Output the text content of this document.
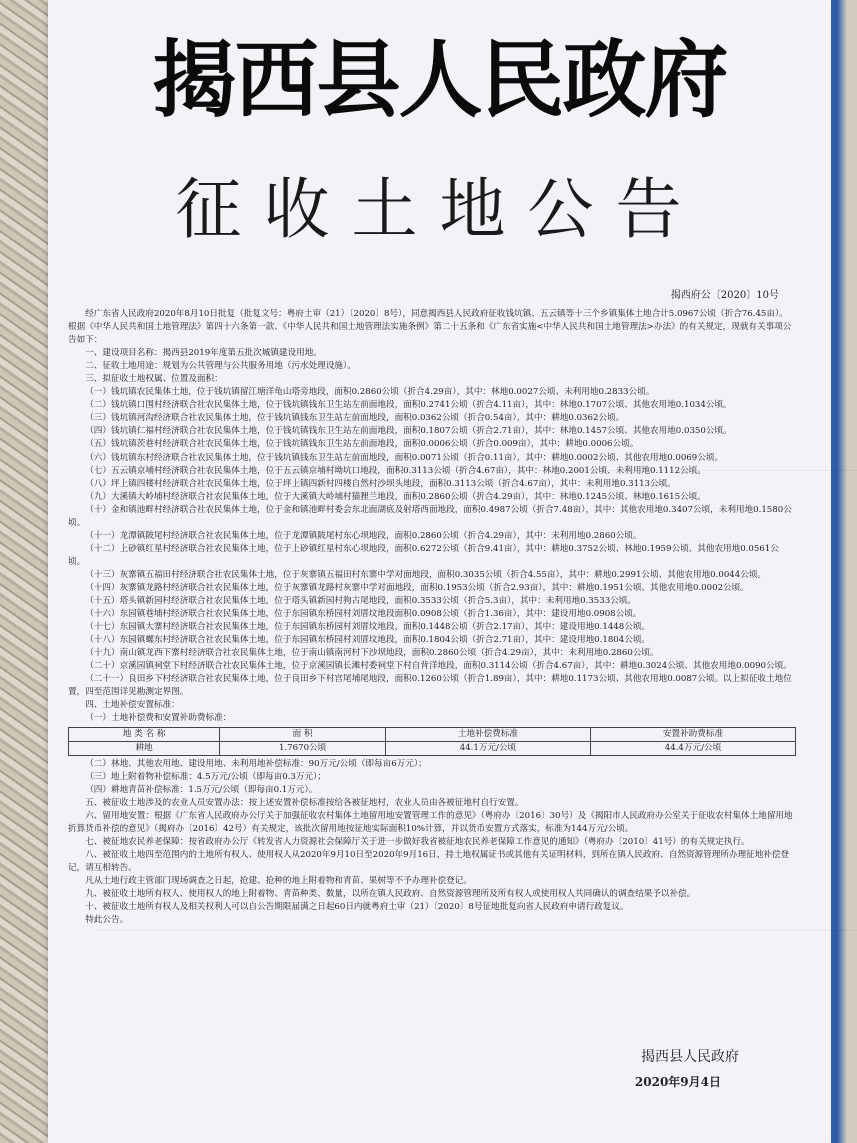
揭西县人民政府
征收土地公告
揭西府公〔2020〕10号

经广东省人民政府2020年8月10日批复（批复文号：粤府土审（21）〔2020〕8号），同意揭西县人民政府征收钱坑镇、五云镇等十三个乡镇集体土地合计5.0967公顷（折合76.45亩）。根据《中华人民共和国土地管理法》第四十六条第一款、《中华人民共和国土地管理法实施条例》第二十五条和《广东省实施<中华人民共和国土地管理法>办法》的有关规定，现就有关事项公告如下：

一、建设项目名称：揭西县2019年度第五批次城镇建设用地。

二、征收土地用途：规划为公共管理与公共服务用地（污水处理设施）。

三、拟征收土地权属、位置及面积：

（一）钱坑镇农民集体土地，位于钱坑镇留江塘洋龟山塔旁地段，面积0.2860公顷（折合4.29亩），其中：林地0.0027公顷、未利用地0.2833公顷。

（二）钱坑镇口围村经济联合社农民集体土地，位于钱坑镇钱东卫生站左前面地段，面积0.2741公顷（折合4.11亩），其中：林地0.1707公顷、其他农用地0.1034公顷。

（三）钱坑镇河沟经济联合社农民集体土地，位于钱坑镇钱东卫生站左前面地段，面积0.0362公顷（折合0.54亩），其中：耕地0.0362公顷。

（四）钱坑镇仁福村经济联合社农民集体土地，位于钱坑镇钱东卫生站左前面地段，面积0.1807公顷（折合2.71亩），其中：林地0.1457公顷、其他农用地0.0350公顷。

（五）钱坑镇茨巷村经济联合社农民集体土地，位于钱坑镇钱东卫生站左前面地段，面积0.0006公顷（折合0.009亩），其中：耕地0.0006公顷。

（六）钱坑镇东村经济联合社农民集体土地，位于钱坑镇钱东卫生站左前面地段，面积0.0071公顷（折合0.11亩），其中：耕地0.0002公顷、其他农用地0.0069公顷。

（七）五云镇京埔村经济联合社农民集体土地，位于五云镇京埔村坳坑口地段，面积0.3113公顷（折合4.67亩），其中：林地0.2001公顷、未利用地0.1112公顷。

（八）坪上镇四楼村经济联合社农民集体土地，位于坪上镇四新村四楼自然村沙坝头地段，面积0.3113公顷（折合4.67亩），其中：未利用地0.3113公顷。

（九）大溪镇大岭埔村经济联合社农民集体土地，位于大溪镇大岭埔村猫狸兰地段，面积0.2860公顷（折合4.29亩），其中：林地0.1245公顷、林地0.1615公顷。

（十）金和镇池畔村经济联合社农民集体土地，位于金和镇池畔村委会东北面湖底及射塔西面地段，面积0.4987公顷（折合7.48亩），其中：其他农用地0.3407公顷，未利用地0.1580公顷。

（十一）龙潭镇陂尾村经济联合社农民集体土地，位于龙潭镇陂尾村东心坝地段，面积0.2860公顷（折合4.29亩），其中：未利用地0.2860公顷。

（十二）上砂镇红星村经济联合社农民集体土地，位于上砂镇红星村东心坝地段，面积0.6272公顷（折合9.41亩），其中：耕地0.3752公顷、林地0.1959公顷、其他农用地0.0561公顷。

（十三）灰寨镇五福田村经济联合社农民集体土地，位于灰寨镇五福田村东寨中学对面地段，面积0.3035公顷（折合4.55亩），其中：耕地0.2991公顷、其他农用地0.0044公顷。

（十四）灰寨镇龙路村经济联合社农民集体土地，位于灰寨镇龙路村灰寨中学对面地段，面积0.1953公顷（折合2.93亩），其中：耕地0.1951公顷、其他农用地0.0002公顷。

（十五）塔头镇新园村经济联合社农民集体土地，位于塔头镇新园村狗古尾地段，面积0.3533公顷（折合5.3亩），其中：未利用地0.3533公顷。

（十六）东园镇巷埔村经济联合社农民集体土地，位于东园镇东桥园村刘厝坟地段面积0.0908公顷（折合1.36亩），其中：建设用地0.0908公顷。

（十七）东园镇大寨村经济联合社农民集体土地，位于东园镇东桥园村刘厝坟地段，面积0.1448公顷（折合2.17亩），其中：建设用地0.1448公顷。

（十八）东园镇螺东村经济联合社农民集体土地，位于东园镇东桥园村刘厝坟地段，面积0.1804公顷（折合2.71亩），其中：建设用地0.1804公顷。

（十九）南山镇龙西下寨村经济联合社农民集体土地，位于南山镇南河村下沙坝地段，面积0.2860公顷（折合4.29亩），其中：未利用地0.2860公顷。

（二十）京溪园镇祠堂下村经济联合社农民集体土地，位于京溪园镇长滩村委祠堂下村自背洋地段，面积0.3114公顷（折合4.67亩），其中：耕地0.3024公顷、其他农用地0.0090公顷。

（二十一）良田乡下村经济联合社农民集体土地，位于良田乡下村宫尾埔尾地段，面积0.1260公顷（折合1.89亩），其中：耕地0.1173公顷、其他农用地0.0087公顷。以上拟征收土地位置，四至范围详见勘测定界图。

四、土地补偿安置标准：

（一）土地补偿费和安置补助费标准：

地 类 名 称	面 积	土地补偿费标准	安置补助费标准
耕地	1.7670公顷	44.1万元/公顷	44.4万元/公顷

（二）林地、其他农用地、建设用地、未利用地补偿标准：90万元/公顷（即每亩6万元）；

（三）地上附着物补偿标准：4.5万元/公顷（即每亩0.3万元）；

（四）耕地青苗补偿标准：1.5万元/公顷（即每亩0.1万元）。

五、被征收土地涉及的农业人员安置办法：按上述安置补偿标准按给各被征地村，农业人员由各被征地村自行安置。

六、留用地安置：根据《广东省人民政府办公厅关于加强征收农村集体土地留用地安置管理工作的意见》（粤府办〔2016〕30号）及《揭阳市人民政府办公室关于征收农村集体土地留用地折算货币补偿的意见》（揭府办〔2016〕42号）有关规定，该批次留用地按征地实际面积10%计算，并以货币安置方式落实，标准为144万元/公顷。

七、被征地农民养老保障：按省政府办公厅《转发省人力资源社会保障厅关于进一步做好我省被征地农民养老保障工作意见的通知》（粤府办〔2010〕41号）的有关规定执行。

八、被征收土地四至范围内的土地所有权人、使用权人从2020年9月10日至2020年9月16日，持土地权属证书或其他有关证明材料，到所在镇人民政府、自然资源管理所办理征地补偿登记，请互相转告。

凡从土地行政主管部门现场调查之日起，抢建、抢种的地上附着物和青苗、果树等不予办理补偿登记。

九、被征收土地所有权人、使用权人的地上附着物、青苗种类、数量，以所在镇人民政府、自然资源管理所及所有权人或使用权人共同确认的调查结果予以补偿。

十、被征收土地所有权人及相关权利人可以自公告期限届满之日起60日内就粤府土审（21）〔2020〕8号征地批复向省人民政府申请行政复议。

特此公告。

揭西县人民政府
2020年9月4日
